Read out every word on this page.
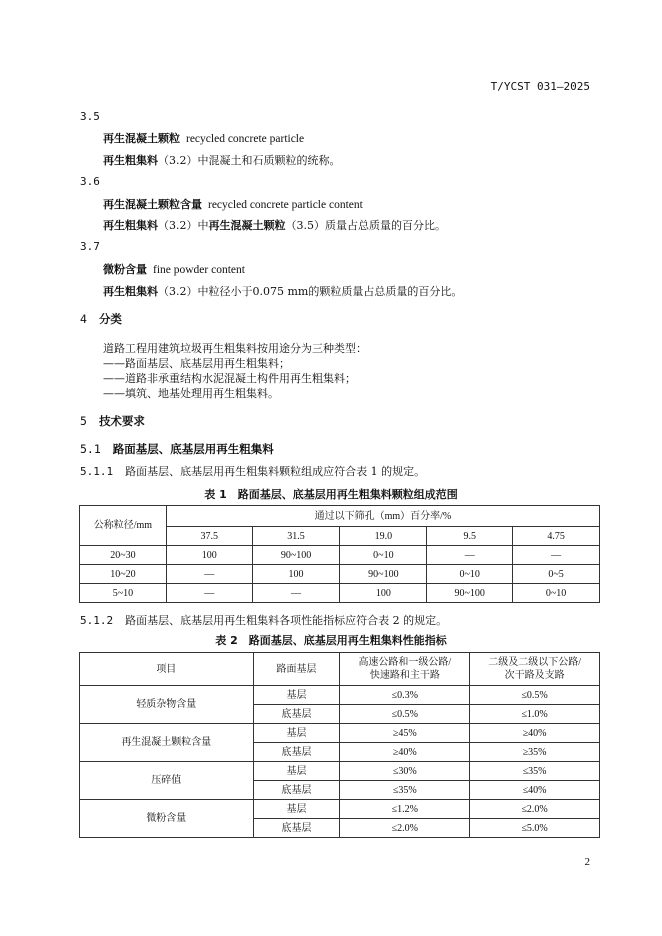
T/YCST 031—2025
3.5
再生混凝土颗粒 recycled concrete particle
再生粗集料（3.2）中混凝土和石质颗粒的统称。
3.6
再生混凝土颗粒含量 recycled concrete particle content
再生粗集料（3.2）中再生混凝土颗粒（3.5）质量占总质量的百分比。
3.7
微粉含量 fine powder content
再生粗集料（3.2）中粒径小于0.075 mm的颗粒质量占总质量的百分比。
4 分类
道路工程用建筑垃圾再生粗集料按用途分为三种类型：
——路面基层、底基层用再生粗集料；
——道路非承重结构水泥混凝土构件用再生粗集料；
——填筑、地基处理用再生粗集料。
5 技术要求
5.1 路面基层、底基层用再生粗集料
5.1.1 路面基层、底基层用再生粗集料颗粒组成应符合表 1 的规定。
表 1　路面基层、底基层用再生粗集料颗粒组成范围
公称粒径/mm	通过以下筛孔（mm）百分率/%				
	37.5	31.5	19.0	9.5	4.75
20~30	100	90~100	0~10	—	—
10~20	—	100	90~100	0~10	0~5
5~10	—	—	100	90~100	0~10
5.1.2 路面基层、底基层用再生粗集料各项性能指标应符合表 2 的规定。
表 2　路面基层、底基层用再生粗集料性能指标
项目	路面基层	高速公路和一级公路/
快速路和主干路	二级及二级以下公路/
次干路及支路
轻质杂物含量	基层	≤0.3%	≤0.5%
	底基层	≤0.5%	≤1.0%
再生混凝土颗粒含量	基层	≥45%	≥40%
	底基层	≥40%	≥35%
压碎值	基层	≤30%	≤35%
	底基层	≤35%	≤40%
微粉含量	基层	≤1.2%	≤2.0%
	底基层	≤2.0%	≤5.0%
2
